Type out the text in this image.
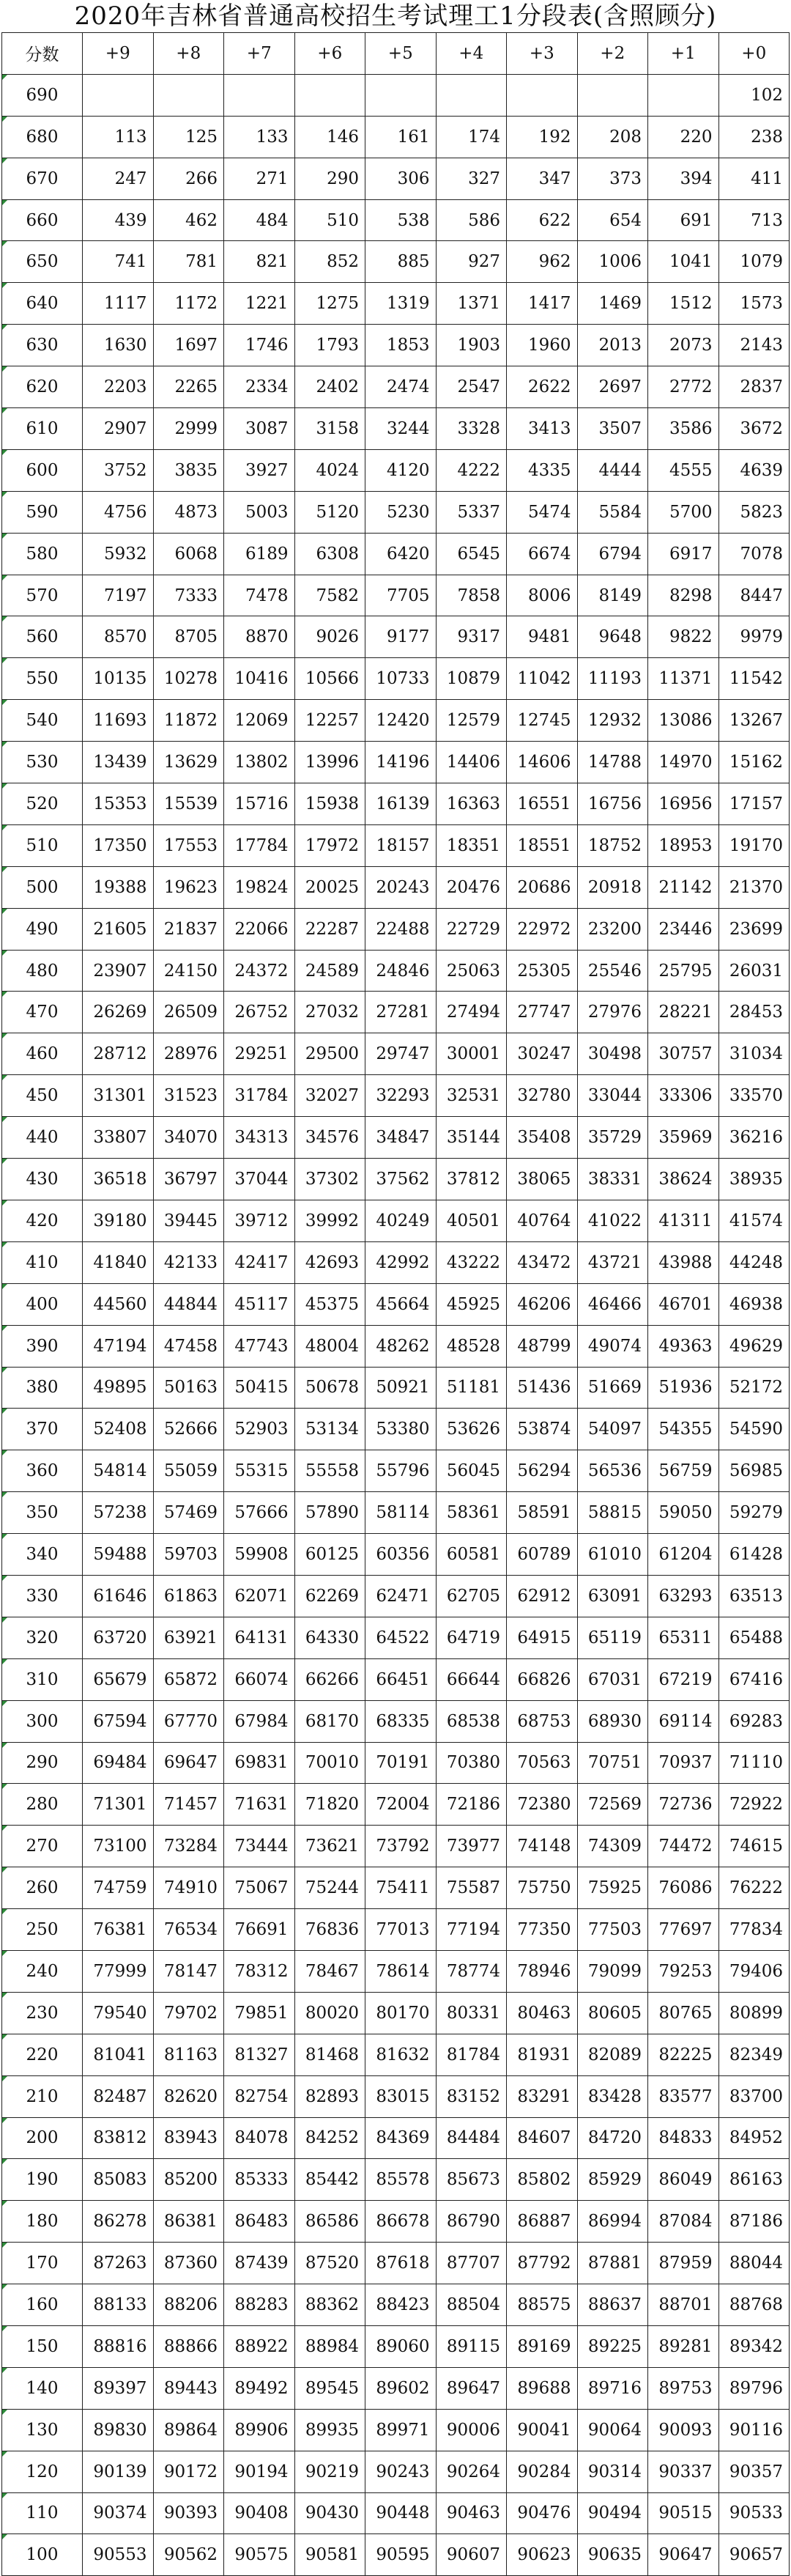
2020年吉林省普通高校招生考试理工1分段表(含照顾分)
分数	+9	+8	+7	+6	+5	+4	+3	+2	+1	+0
690										102
680	113	125	133	146	161	174	192	208	220	238
670	247	266	271	290	306	327	347	373	394	411
660	439	462	484	510	538	586	622	654	691	713
650	741	781	821	852	885	927	962	1006	1041	1079
640	1117	1172	1221	1275	1319	1371	1417	1469	1512	1573
630	1630	1697	1746	1793	1853	1903	1960	2013	2073	2143
620	2203	2265	2334	2402	2474	2547	2622	2697	2772	2837
610	2907	2999	3087	3158	3244	3328	3413	3507	3586	3672
600	3752	3835	3927	4024	4120	4222	4335	4444	4555	4639
590	4756	4873	5003	5120	5230	5337	5474	5584	5700	5823
580	5932	6068	6189	6308	6420	6545	6674	6794	6917	7078
570	7197	7333	7478	7582	7705	7858	8006	8149	8298	8447
560	8570	8705	8870	9026	9177	9317	9481	9648	9822	9979
550	10135	10278	10416	10566	10733	10879	11042	11193	11371	11542
540	11693	11872	12069	12257	12420	12579	12745	12932	13086	13267
530	13439	13629	13802	13996	14196	14406	14606	14788	14970	15162
520	15353	15539	15716	15938	16139	16363	16551	16756	16956	17157
510	17350	17553	17784	17972	18157	18351	18551	18752	18953	19170
500	19388	19623	19824	20025	20243	20476	20686	20918	21142	21370
490	21605	21837	22066	22287	22488	22729	22972	23200	23446	23699
480	23907	24150	24372	24589	24846	25063	25305	25546	25795	26031
470	26269	26509	26752	27032	27281	27494	27747	27976	28221	28453
460	28712	28976	29251	29500	29747	30001	30247	30498	30757	31034
450	31301	31523	31784	32027	32293	32531	32780	33044	33306	33570
440	33807	34070	34313	34576	34847	35144	35408	35729	35969	36216
430	36518	36797	37044	37302	37562	37812	38065	38331	38624	38935
420	39180	39445	39712	39992	40249	40501	40764	41022	41311	41574
410	41840	42133	42417	42693	42992	43222	43472	43721	43988	44248
400	44560	44844	45117	45375	45664	45925	46206	46466	46701	46938
390	47194	47458	47743	48004	48262	48528	48799	49074	49363	49629
380	49895	50163	50415	50678	50921	51181	51436	51669	51936	52172
370	52408	52666	52903	53134	53380	53626	53874	54097	54355	54590
360	54814	55059	55315	55558	55796	56045	56294	56536	56759	56985
350	57238	57469	57666	57890	58114	58361	58591	58815	59050	59279
340	59488	59703	59908	60125	60356	60581	60789	61010	61204	61428
330	61646	61863	62071	62269	62471	62705	62912	63091	63293	63513
320	63720	63921	64131	64330	64522	64719	64915	65119	65311	65488
310	65679	65872	66074	66266	66451	66644	66826	67031	67219	67416
300	67594	67770	67984	68170	68335	68538	68753	68930	69114	69283
290	69484	69647	69831	70010	70191	70380	70563	70751	70937	71110
280	71301	71457	71631	71820	72004	72186	72380	72569	72736	72922
270	73100	73284	73444	73621	73792	73977	74148	74309	74472	74615
260	74759	74910	75067	75244	75411	75587	75750	75925	76086	76222
250	76381	76534	76691	76836	77013	77194	77350	77503	77697	77834
240	77999	78147	78312	78467	78614	78774	78946	79099	79253	79406
230	79540	79702	79851	80020	80170	80331	80463	80605	80765	80899
220	81041	81163	81327	81468	81632	81784	81931	82089	82225	82349
210	82487	82620	82754	82893	83015	83152	83291	83428	83577	83700
200	83812	83943	84078	84252	84369	84484	84607	84720	84833	84952
190	85083	85200	85333	85442	85578	85673	85802	85929	86049	86163
180	86278	86381	86483	86586	86678	86790	86887	86994	87084	87186
170	87263	87360	87439	87520	87618	87707	87792	87881	87959	88044
160	88133	88206	88283	88362	88423	88504	88575	88637	88701	88768
150	88816	88866	88922	88984	89060	89115	89169	89225	89281	89342
140	89397	89443	89492	89545	89602	89647	89688	89716	89753	89796
130	89830	89864	89906	89935	89971	90006	90041	90064	90093	90116
120	90139	90172	90194	90219	90243	90264	90284	90314	90337	90357
110	90374	90393	90408	90430	90448	90463	90476	90494	90515	90533
100	90553	90562	90575	90581	90595	90607	90623	90635	90647	90657
